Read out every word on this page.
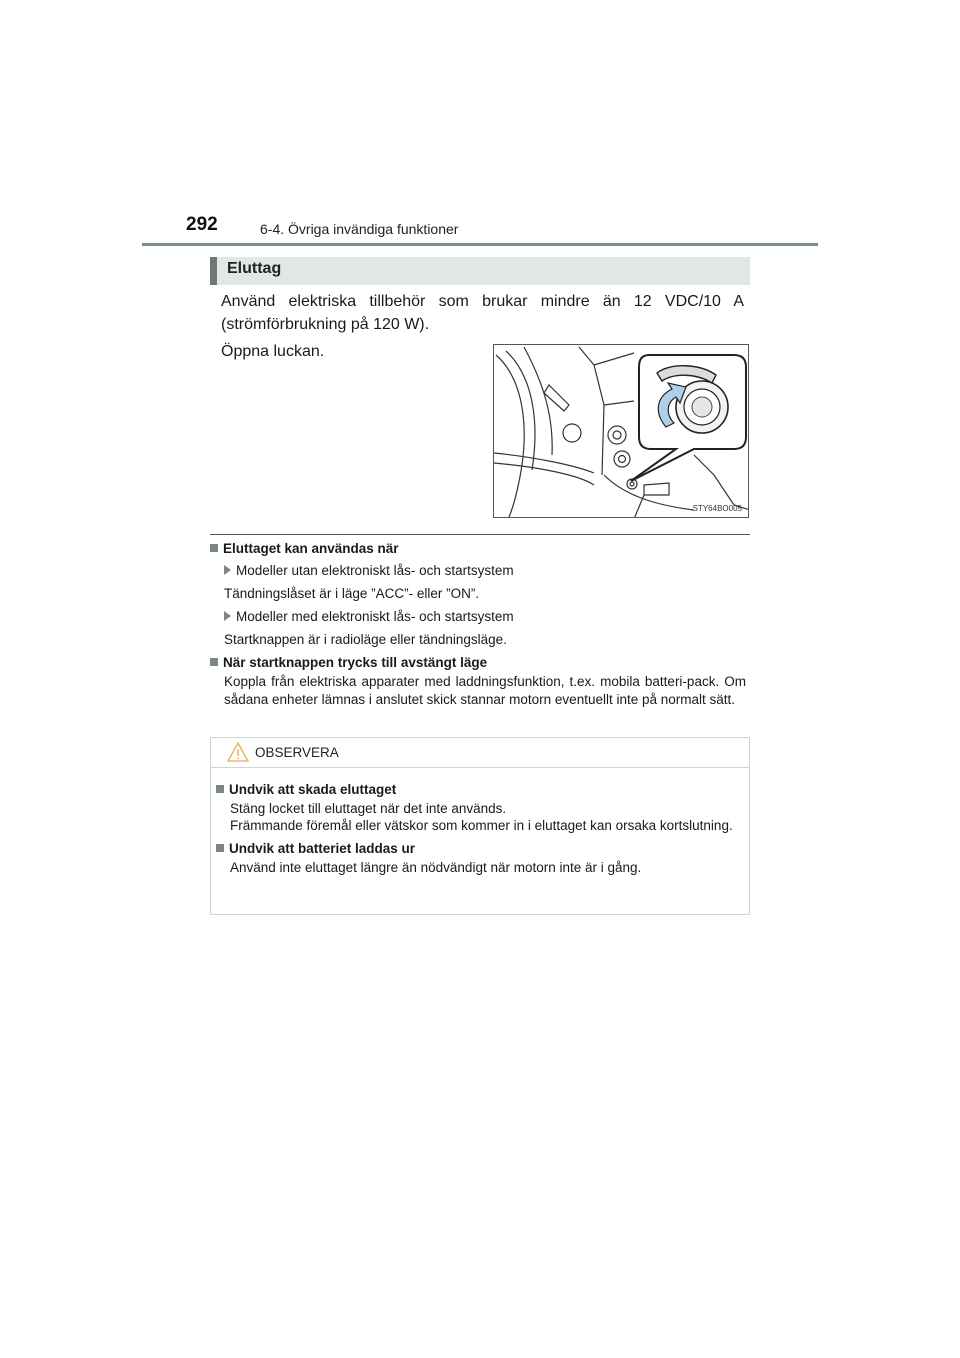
292	6-4. Övriga invändiga funktioner
Eluttag

Använd elektriska tillbehör som brukar mindre än 12 VDC/10 A (strömförbrukning på 120 W).

Öppna luckan.

STY64BO005
Eluttaget kan användas när
Modeller utan elektroniskt lås- och startsystem
Tändningslåset är i läge ”ACC”- eller ”ON”.
Modeller med elektroniskt lås- och startsystem
Startknappen är i radioläge eller tändningsläge.
När startknappen trycks till avstängt läge
Koppla från elektriska apparater med laddningsfunktion, t.ex. mobila batteri-pack. Om sådana enheter lämnas i anslutet skick stannar motorn eventuellt inte på normalt sätt.
OBSERVERA
Undvik att skada eluttaget
Stäng locket till eluttaget när det inte används.
Främmande föremål eller vätskor som kommer in i eluttaget kan orsaka kortslutning.
Undvik att batteriet laddas ur
Använd inte eluttaget längre än nödvändigt när motorn inte är i gång.
